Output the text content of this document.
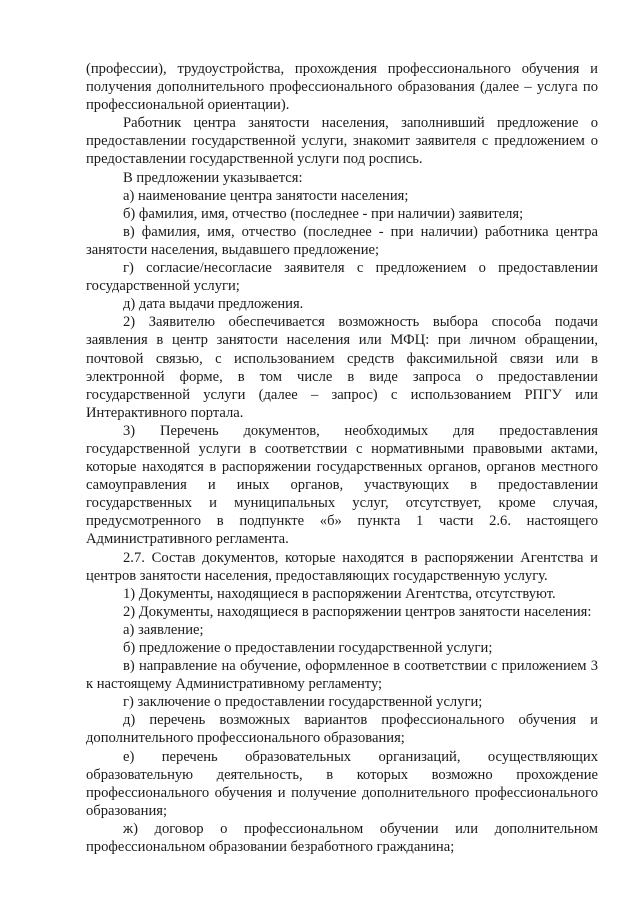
(профессии), трудоустройства, прохождения профессионального обучения и получения дополнительного профессионального образования (далее – услуга по профессиональной ориентации).

Работник центра занятости населения, заполнивший предложение о предоставлении государственной услуги, знакомит заявителя с предложением о предоставлении государственной услуги под роспись.

В предложении указывается:

а) наименование центра занятости населения;

б) фамилия, имя, отчество (последнее - при наличии) заявителя;

в) фамилия, имя, отчество (последнее - при наличии) работника центра занятости населения, выдавшего предложение;

г) согласие/несогласие заявителя с предложением о предоставлении государственной услуги;

д) дата выдачи предложения.

2) Заявителю обеспечивается возможность выбора способа подачи заявления в центр занятости населения или МФЦ: при личном обращении, почтовой связью, с использованием средств факсимильной связи или в электронной форме, в том числе в виде запроса о предоставлении государственной услуги (далее – запрос) с использованием РПГУ или Интерактивного портала.

3) Перечень документов, необходимых для предоставления государственной услуги в соответствии с нормативными правовыми актами, которые находятся в распоряжении государственных органов, органов местного самоуправления и иных органов, участвующих в предоставлении государственных и муниципальных услуг, отсутствует, кроме случая, предусмотренного в подпункте «б» пункта 1 части 2.6. настоящего Административного регламента.

2.7. Состав документов, которые находятся в распоряжении Агентства и центров занятости населения, предоставляющих государственную услугу.

1) Документы, находящиеся в распоряжении Агентства, отсутствуют.

2) Документы, находящиеся в распоряжении центров занятости населения:

а) заявление;

б) предложение о предоставлении государственной услуги;

в) направление на обучение, оформленное в соответствии с приложением 3 к настоящему Административному регламенту;

г) заключение о предоставлении государственной услуги;

д) перечень возможных вариантов профессионального обучения и дополнительного профессионального образования;

е) перечень образовательных организаций, осуществляющих образовательную деятельность, в которых возможно прохождение профессионального обучения и получение дополнительного профессионального образования;

ж) договор о профессиональном обучении или дополнительном профессиональном образовании безработного гражданина;
